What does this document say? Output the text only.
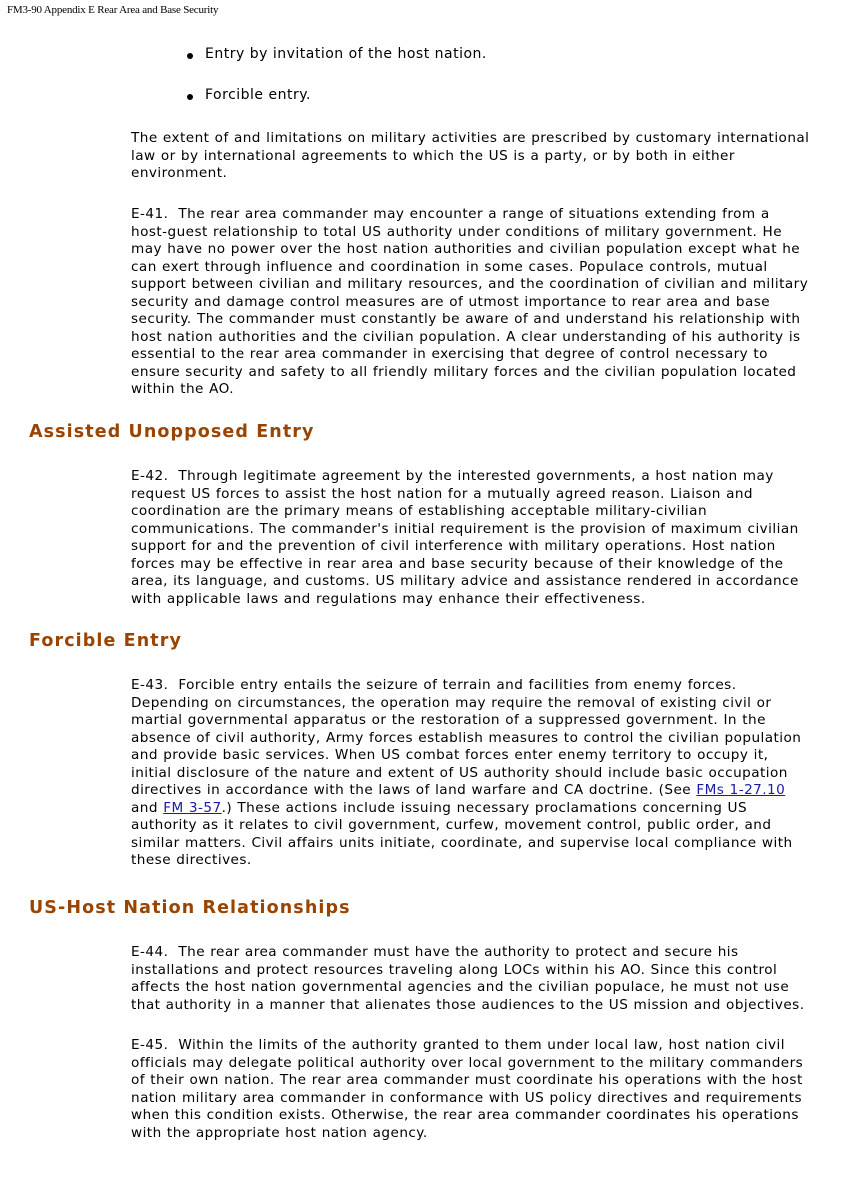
FM3-90 Appendix E Rear Area and Base Security
Entry by invitation of the host nation.
Forcible entry.

The extent of and limitations on military activities are prescribed by customary international law or by international agreements to which the US is a party, or by both in either environment.

E-41. The rear area commander may encounter a range of situations extending from a host-guest relationship to total US authority under conditions of military government. He may have no power over the host nation authorities and civilian population except what he can exert through influence and coordination in some cases. Populace controls, mutual support between civilian and military resources, and the coordination of civilian and military security and damage control measures are of utmost importance to rear area and base security. The commander must constantly be aware of and understand his relationship with host nation authorities and the civilian population. A clear understanding of his authority is essential to the rear area commander in exercising that degree of control necessary to ensure security and safety to all friendly military forces and the civilian population located within the AO.

Assisted Unopposed Entry

E-42. Through legitimate agreement by the interested governments, a host nation may request US forces to assist the host nation for a mutually agreed reason. Liaison and coordination are the primary means of establishing acceptable military-civilian communications. The commander's initial requirement is the provision of maximum civilian support for and the prevention of civil interference with military operations. Host nation forces may be effective in rear area and base security because of their knowledge of the area, its language, and customs. US military advice and assistance rendered in accordance with applicable laws and regulations may enhance their effectiveness.

Forcible Entry

E-43. Forcible entry entails the seizure of terrain and facilities from enemy forces. Depending on circumstances, the operation may require the removal of existing civil or martial governmental apparatus or the restoration of a suppressed government. In the absence of civil authority, Army forces establish measures to control the civilian population and provide basic services. When US combat forces enter enemy territory to occupy it, initial disclosure of the nature and extent of US authority should include basic occupation directives in accordance with the laws of land warfare and CA doctrine. (See FMs 1-27.10 and FM 3-57.) These actions include issuing necessary proclamations concerning US authority as it relates to civil government, curfew, movement control, public order, and similar matters. Civil affairs units initiate, coordinate, and supervise local compliance with these directives.

US-Host Nation Relationships

E-44. The rear area commander must have the authority to protect and secure his installations and protect resources traveling along LOCs within his AO. Since this control affects the host nation governmental agencies and the civilian populace, he must not use that authority in a manner that alienates those audiences to the US mission and objectives.

E-45. Within the limits of the authority granted to them under local law, host nation civil officials may delegate political authority over local government to the military commanders of their own nation. The rear area commander must coordinate his operations with the host nation military area commander in conformance with US policy directives and requirements when this condition exists. Otherwise, the rear area commander coordinates his operations with the appropriate host nation agency.
